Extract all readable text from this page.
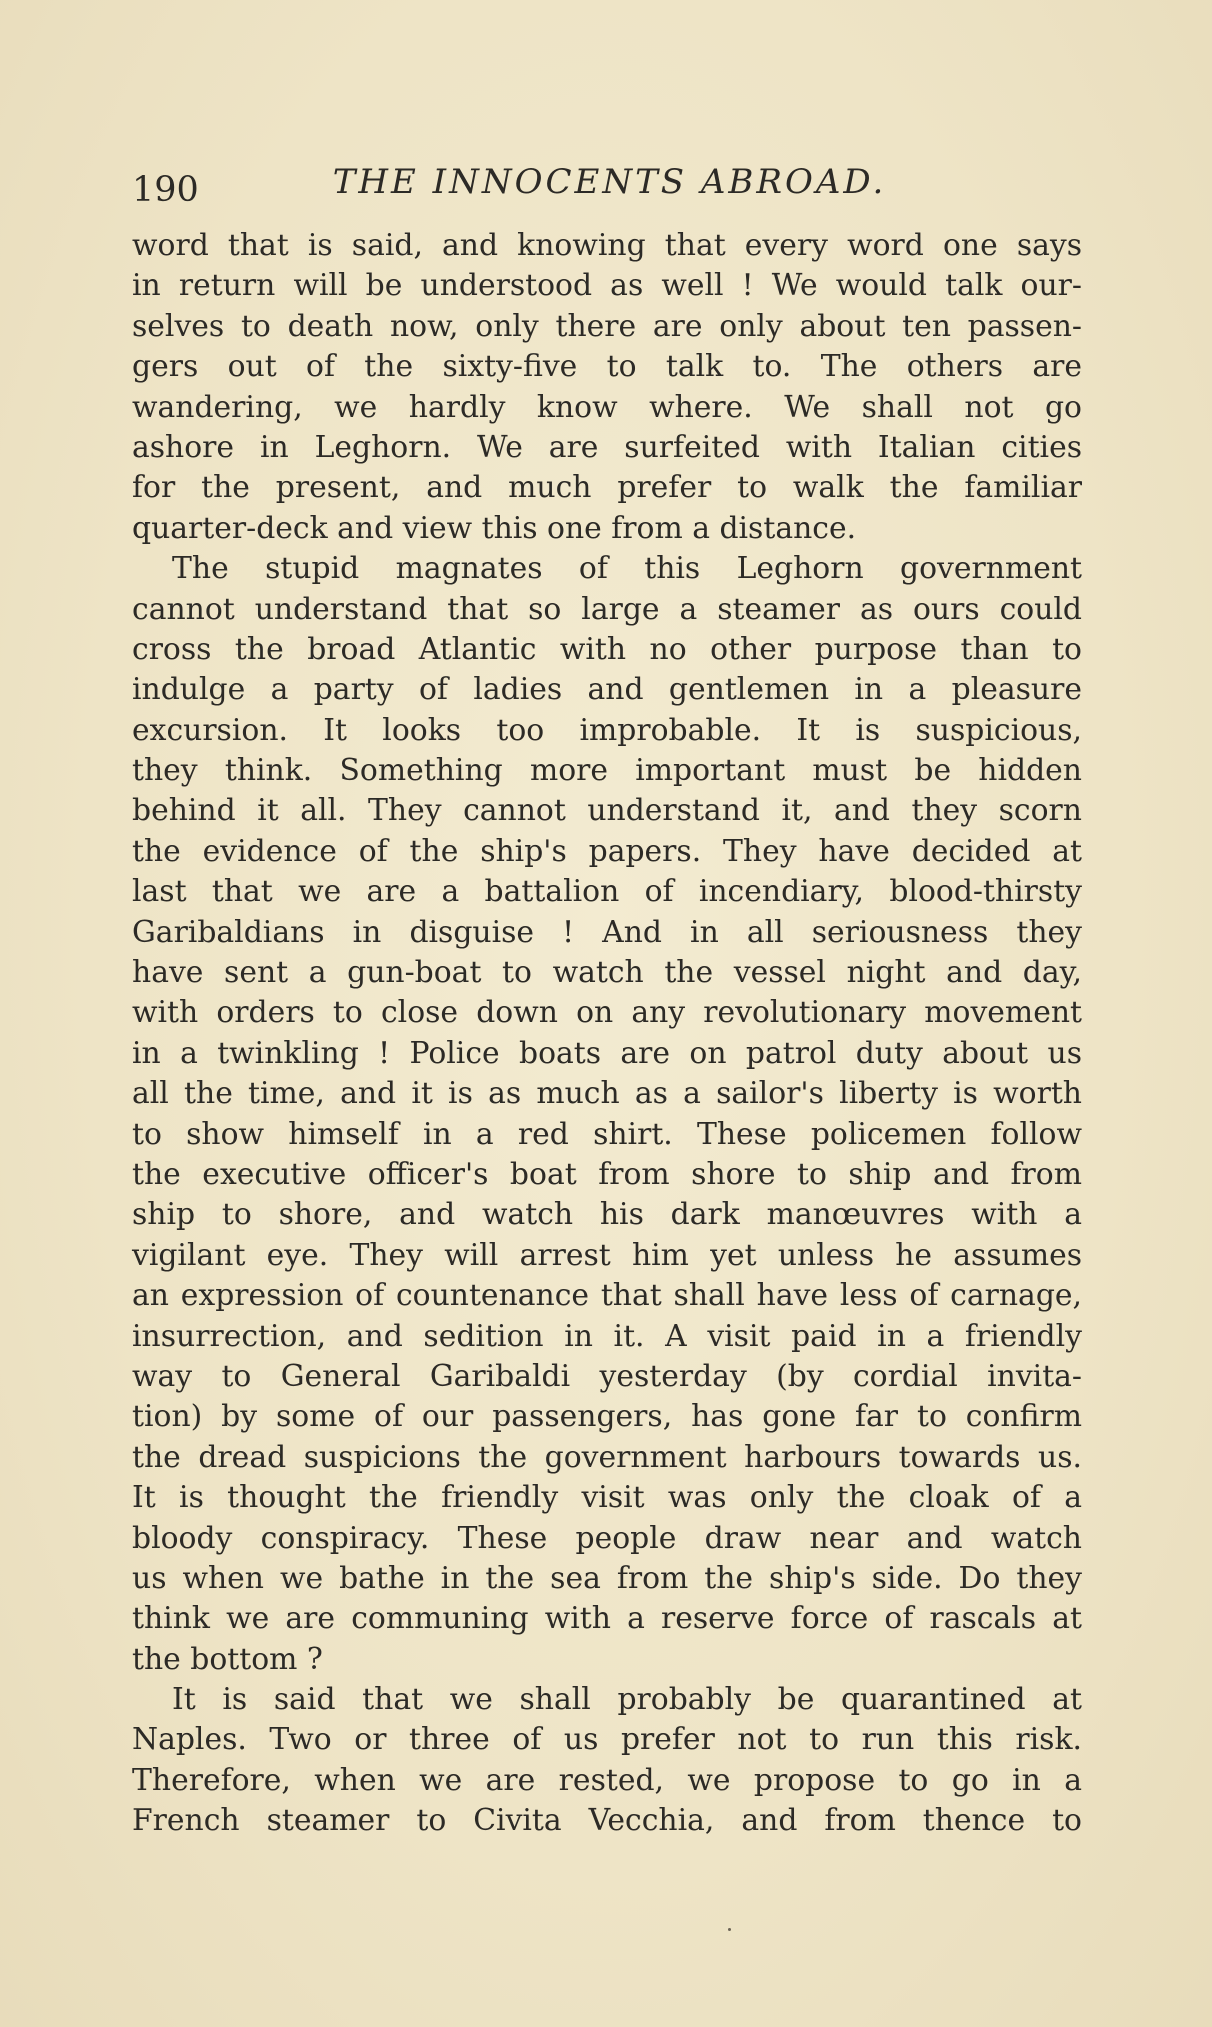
190	THE INNOCENTS ABROAD.
word that is said, and knowing that every word one says
in return will be understood as well ! We would talk our-
selves to death now, only there are only about ten passen-
gers out of the sixty-five to talk to. The others are
wandering, we hardly know where. We shall not go
ashore in Leghorn. We are surfeited with Italian cities
for the present, and much prefer to walk the familiar
quarter-deck and view this one from a distance.
The stupid magnates of this Leghorn government
cannot understand that so large a steamer as ours could
cross the broad Atlantic with no other purpose than to
indulge a party of ladies and gentlemen in a pleasure
excursion. It looks too improbable. It is suspicious,
they think. Something more important must be hidden
behind it all. They cannot understand it, and they scorn
the evidence of the ship's papers. They have decided at
last that we are a battalion of incendiary, blood-thirsty
Garibaldians in disguise ! And in all seriousness they
have sent a gun-boat to watch the vessel night and day,
with orders to close down on any revolutionary movement
in a twinkling ! Police boats are on patrol duty about us
all the time, and it is as much as a sailor's liberty is worth
to show himself in a red shirt. These policemen follow
the executive officer's boat from shore to ship and from
ship to shore, and watch his dark manœuvres with a
vigilant eye. They will arrest him yet unless he assumes
an expression of countenance that shall have less of carnage,
insurrection, and sedition in it. A visit paid in a friendly
way to General Garibaldi yesterday (by cordial invita-
tion) by some of our passengers, has gone far to confirm
the dread suspicions the government harbours towards us.
It is thought the friendly visit was only the cloak of a
bloody conspiracy. These people draw near and watch
us when we bathe in the sea from the ship's side. Do they
think we are communing with a reserve force of rascals at
the bottom ?
It is said that we shall probably be quarantined at
Naples. Two or three of us prefer not to run this risk.
Therefore, when we are rested, we propose to go in a
French steamer to Civita Vecchia, and from thence to
